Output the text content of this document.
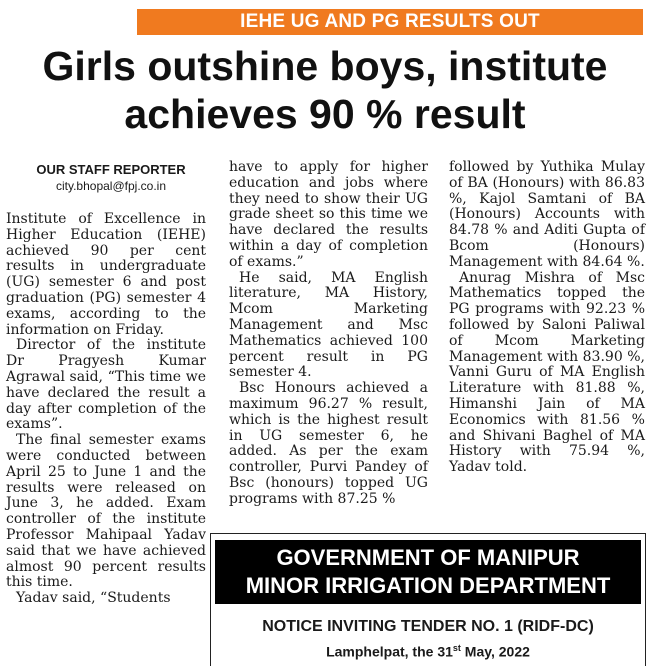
IEHE UG AND PG RESULTS OUT
Girls outshine boys, institute
achieves 90 % result
OUR STAFF REPORTER
city.bhopal@fpj.co.in

Institute of Excellence in Higher Education (IEHE) achieved 90 per cent results in undergraduate (UG) semester 6 and post graduation (PG) semester 4 exams, according to the information on Friday.

Director of the institute Dr Pragyesh Kumar Agrawal said, “This time we have declared the result a day after completion of the exams”.

The final semester exams were conducted between April 25 to June 1 and the results were released on June 3, he added. Exam controller of the institute Professor Mahipaal Yadav said that we have achieved almost 90 percent results this time.

Yadav said, “Students

have to apply for higher education and jobs where they need to show their UG grade sheet so this time we have declared the results within a day of completion of exams.”

He said, MA English literature, MA History, Mcom Marketing Management and Msc Mathematics achieved 100 percent result in PG semester 4.

Bsc Honours achieved a maximum 96.27 % result, which is the highest result in UG semester 6, he added. As per the exam controller, Purvi Pandey of Bsc (honours) topped UG programs with 87.25 %

followed by Yuthika Mulay of BA (Honours) with 86.83 %, Kajol Samtani of BA (Honours) Accounts with 84.78 % and Aditi Gupta of Bcom (Honours) Management with 84.64 %.

Anurag Mishra of Msc Mathematics topped the PG programs with 92.23 % followed by Saloni Paliwal of Mcom Marketing Management with 83.90 %, Vanni Guru of MA English Literature with 81.88 %, Himanshi Jain of MA Economics with 81.56 % and Shivani Baghel of MA History with 75.94 %, Yadav told.

GOVERNMENT OF MANIPUR
MINOR IRRIGATION DEPARTMENT
NOTICE INVITING TENDER NO. 1 (RIDF-DC)
Lamphelpat, the 31st May, 2022
